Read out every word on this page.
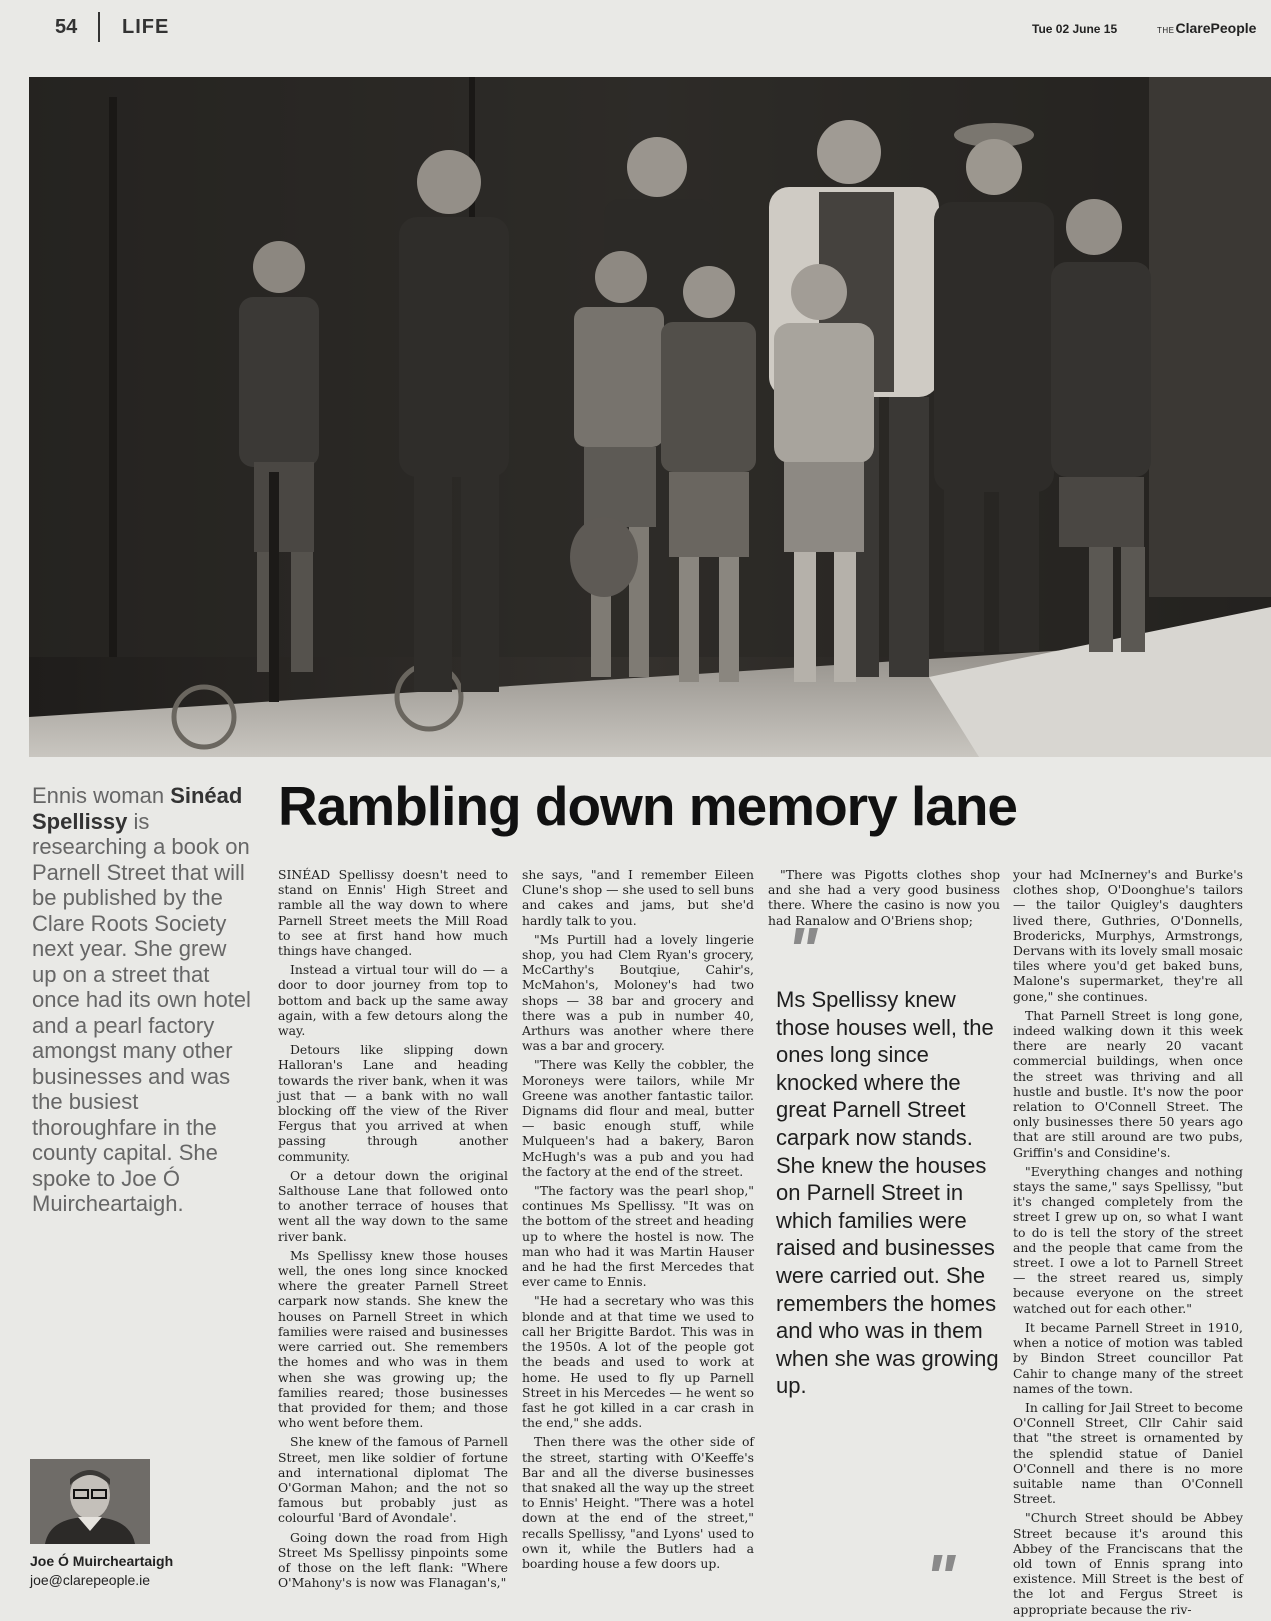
54 LIFE	Tue 02 June 15	THEClarePeople
Rambling down memory lane
Ennis woman Sinéad Spellissy is researching a book on Parnell Street that will be published by the Clare Roots Society next year. She grew up on a street that once had its own hotel and a pearl factory amongst many other businesses and was the busiest thoroughfare in the county capital. She spoke to Joe Ó Muircheartaigh.
Joe Ó Muircheartaigh
joe@clarepeople.ie

SINÉAD Spellissy doesn't need to stand on Ennis' High Street and ramble all the way down to where Parnell Street meets the Mill Road to see at first hand how much things have changed.

Instead a virtual tour will do — a door to door journey from top to bottom and back up the same away again, with a few detours along the way.

Detours like slipping down Halloran's Lane and heading towards the river bank, when it was just that — a bank with no wall blocking off the view of the River Fergus that you arrived at when passing through another community.

Or a detour down the original Salthouse Lane that followed onto to another terrace of houses that went all the way down to the same river bank.

Ms Spellissy knew those houses well, the ones long since knocked where the greater Parnell Street carpark now stands. She knew the houses on Parnell Street in which families were raised and businesses were carried out. She remembers the homes and who was in them when she was growing up; the families reared; those businesses that provided for them; and those who went before them.

She knew of the famous of Parnell Street, men like soldier of fortune and international diplomat The O'Gorman Mahon; and the not so famous but probably just as colourful 'Bard of Avondale'.

Going down the road from High Street Ms Spellissy pinpoints some of those on the left flank: "Where O'Mahony's is now was Flanagan's,"

she says, "and I remember Eileen Clune's shop — she used to sell buns and cakes and jams, but she'd hardly talk to you.

"Ms Purtill had a lovely lingerie shop, you had Clem Ryan's grocery, McCarthy's Boutqiue, Cahir's, McMahon's, Moloney's had two shops — 38 bar and grocery and there was a pub in number 40, Arthurs was another where there was a bar and grocery.

"There was Kelly the cobbler, the Moroneys were tailors, while Mr Greene was another fantastic tailor. Dignams did flour and meal, butter — basic enough stuff, while Mulqueen's had a bakery, Baron McHugh's was a pub and you had the factory at the end of the street.

"The factory was the pearl shop," continues Ms Spellissy. "It was on the bottom of the street and heading up to where the hostel is now. The man who had it was Martin Hauser and he had the first Mercedes that ever came to Ennis.

"He had a secretary who was this blonde and at that time we used to call her Brigitte Bardot. This was in the 1950s. A lot of the people got the beads and used to work at home. He used to fly up Parnell Street in his Mercedes — he went so fast he got killed in a car crash in the end," she adds.

Then there was the other side of the street, starting with O'Keeffe's Bar and all the diverse businesses that snaked all the way up the street to Ennis' Height. "There was a hotel down at the end of the street," recalls Spellissy, "and Lyons' used to own it, while the Butlers had a boarding house a few doors up.

"There was Pigotts clothes shop and she had a very good business there. Where the casino is now you had Ranalow and O'Briens shop;

"
Ms Spellissy knew those houses well, the ones long since knocked where the great Parnell Street carpark now stands. She knew the houses on Parnell Street in which families were raised and businesses were carried out. She remembers the homes and who was in them when she was growing up.
"

your had McInerney's and Burke's clothes shop, O'Doonghue's tailors — the tailor Quigley's daughters lived there, Guthries, O'Donnells, Brodericks, Murphys, Armstrongs, Dervans with its lovely small mosaic tiles where you'd get baked buns, Malone's supermarket, they're all gone," she continues.

That Parnell Street is long gone, indeed walking down it this week there are nearly 20 vacant commercial buildings, when once the street was thriving and all hustle and bustle. It's now the poor relation to O'Connell Street. The only businesses there 50 years ago that are still around are two pubs, Griffin's and Considine's.

"Everything changes and nothing stays the same," says Spellissy, "but it's changed completely from the street I grew up on, so what I want to do is tell the story of the street and the people that came from the street. I owe a lot to Parnell Street — the street reared us, simply because everyone on the street watched out for each other."

It became Parnell Street in 1910, when a notice of motion was tabled by Bindon Street councillor Pat Cahir to change many of the street names of the town.

In calling for Jail Street to become O'Connell Street, Cllr Cahir said that "the street is ornamented by the splendid statue of Daniel O'Connell and there is no more suitable name than O'Connell Street.

"Church Street should be Abbey Street because it's around this Abbey of the Franciscans that the old town of Ennis sprang into existence. Mill Street is the best of the lot and Fergus Street is appropriate because the riv-
